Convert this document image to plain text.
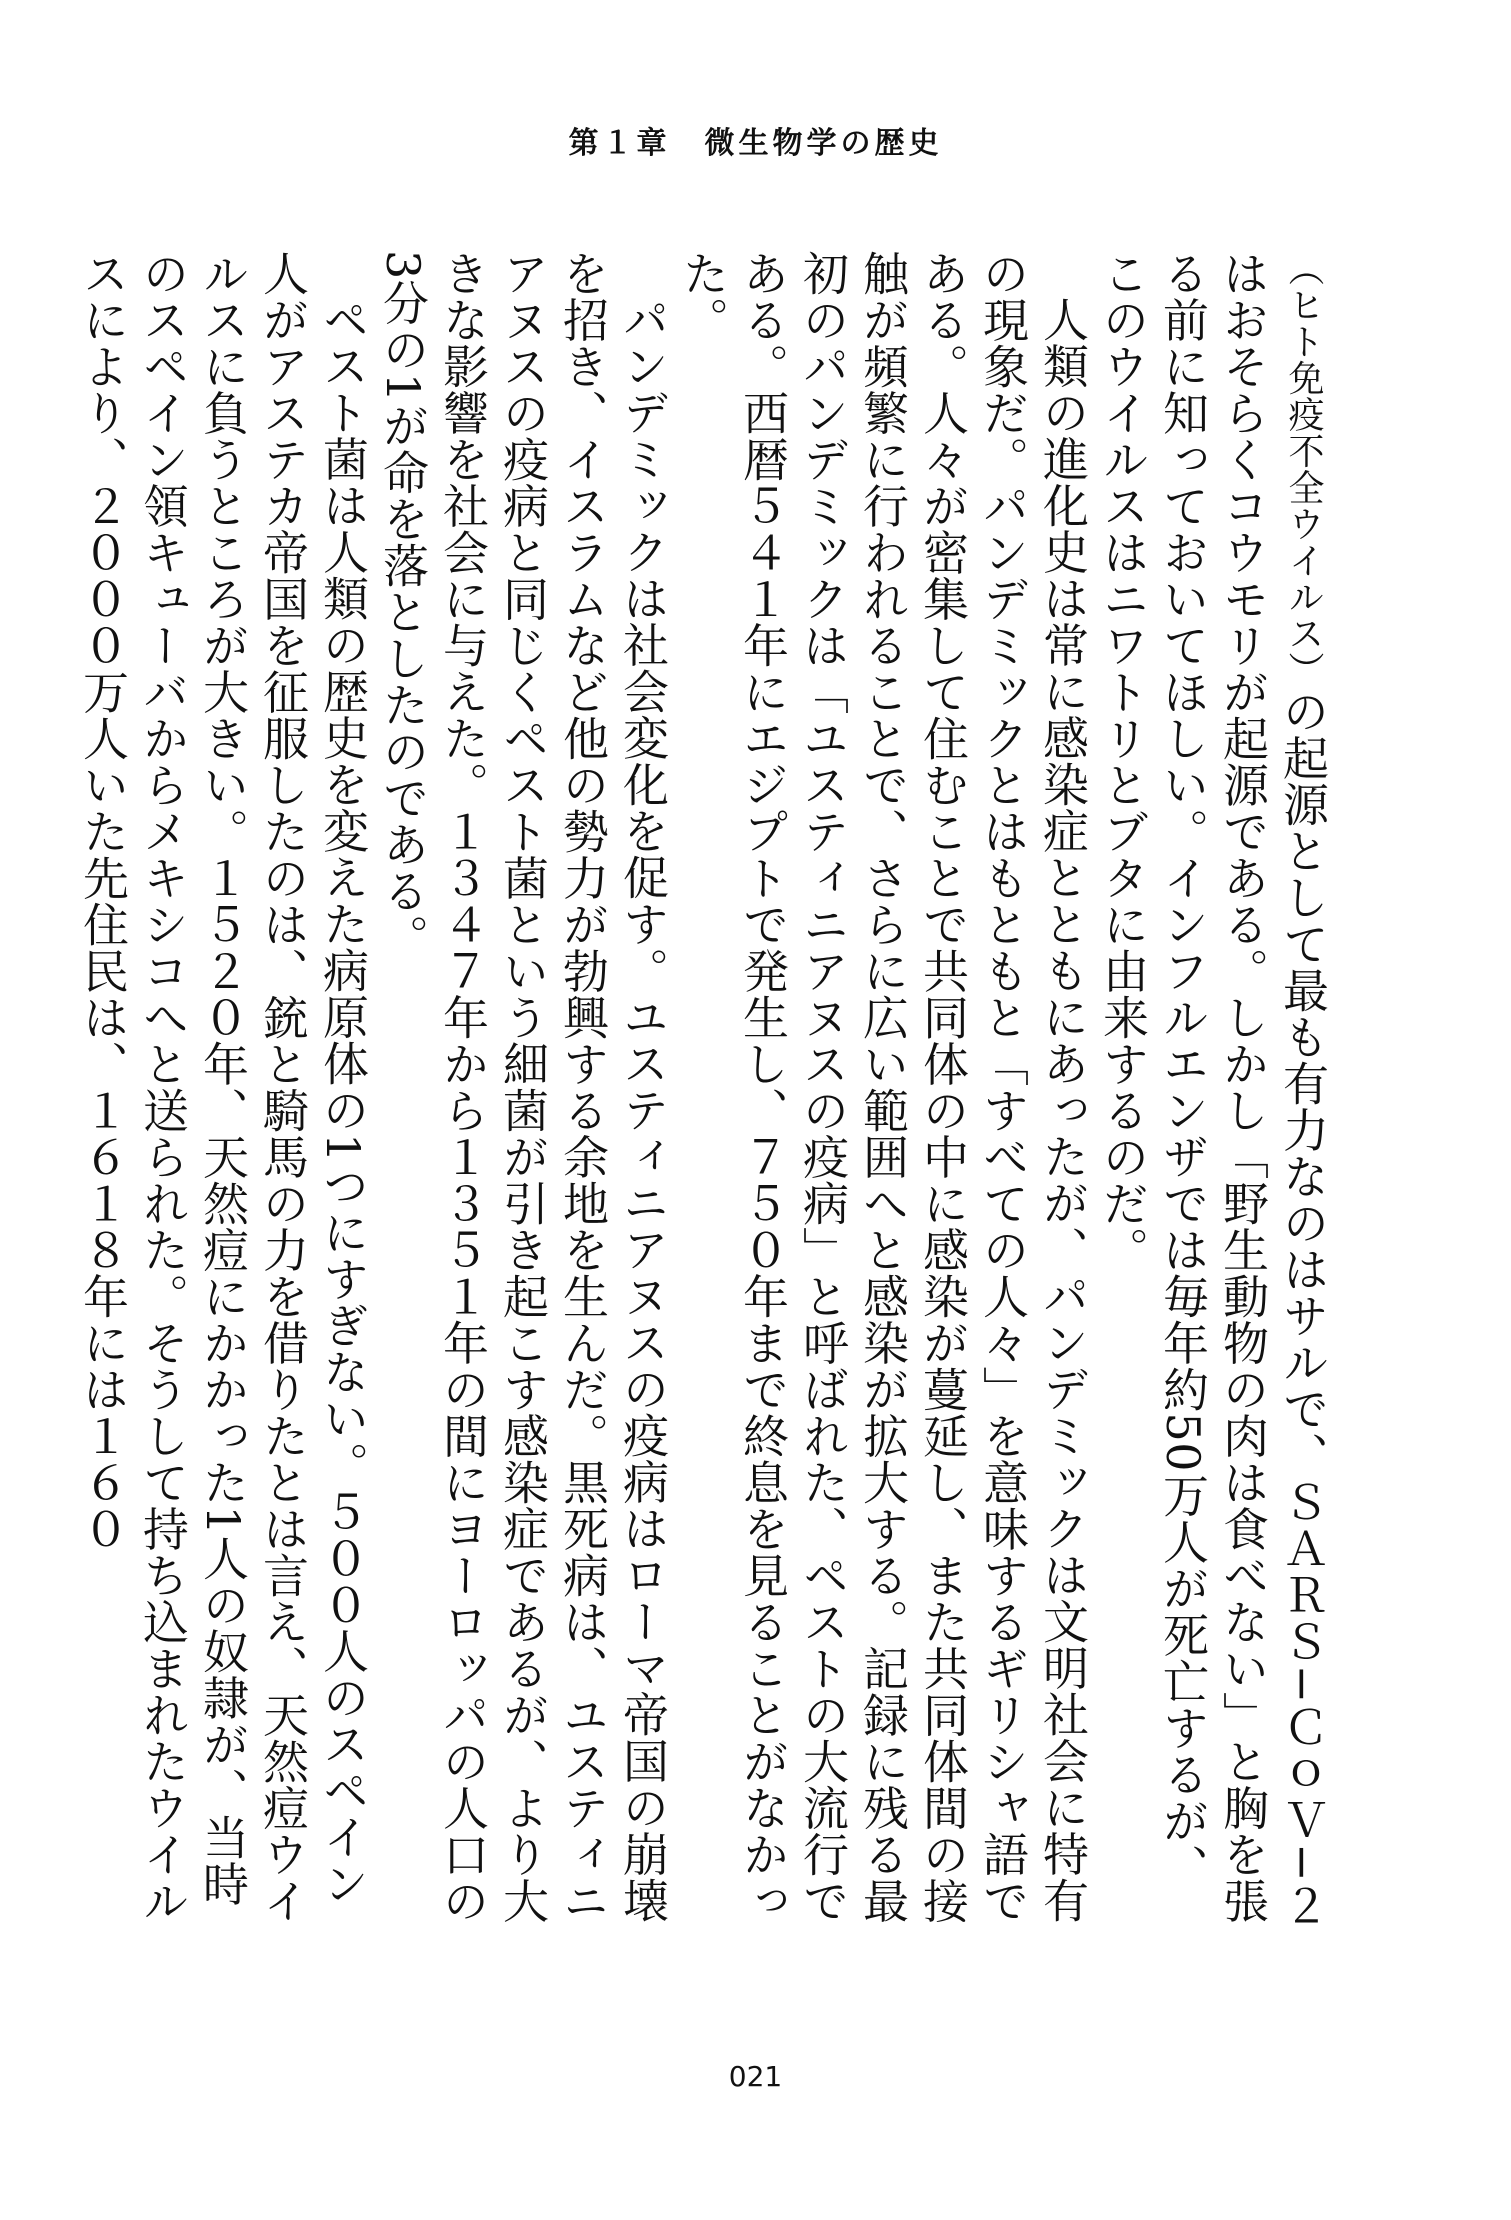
第１章　微生物学の歴史

（ヒト免疫不全ウイルス）の起源として最も有力なのはサルで、ＳＡＲＳ−ＣｏＶ−２はおそらくコウモリが起源である。しかし「野生動物の肉は食べない」と胸を張る前に知っておいてほしい。インフルエンザでは毎年約50万人が死亡するが、このウイルスはニワトリとブタに由来するのだ。

人類の進化史は常に感染症とともにあったが、パンデミックは文明社会に特有の現象だ。パンデミックとはもともと「すべての人々」を意味するギリシャ語である。人々が密集して住むことで共同体の中に感染が蔓延し、また共同体間の接触が頻繁に行われることで、さらに広い範囲へと感染が拡大する。記録に残る最初のパンデミックは「ユスティニアヌスの疫病」と呼ばれた、ペストの大流行である。西暦５４１年にエジプトで発生し、７５０年まで終息を見ることがなかった。

パンデミックは社会変化を促す。ユスティニアヌスの疫病はローマ帝国の崩壊を招き、イスラムなど他の勢力が勃興する余地を生んだ。黒死病は、ユスティニアヌスの疫病と同じくペスト菌という細菌が引き起こす感染症であるが、より大きな影響を社会に与えた。１３４７年から１３５１年の間にヨーロッパの人口の3分の1が命を落としたのである。

ペスト菌は人類の歴史を変えた病原体の1つにすぎない。５００人のスペイン人がアステカ帝国を征服したのは、銃と騎馬の力を借りたとは言え、天然痘ウイルスに負うところが大きい。１５２０年、天然痘にかかった1人の奴隷が、当時のスペイン領キューバからメキシコへと送られた。そうして持ち込まれたウイルスにより、２０００万人いた先住民は、１６１８年には１６０

021
